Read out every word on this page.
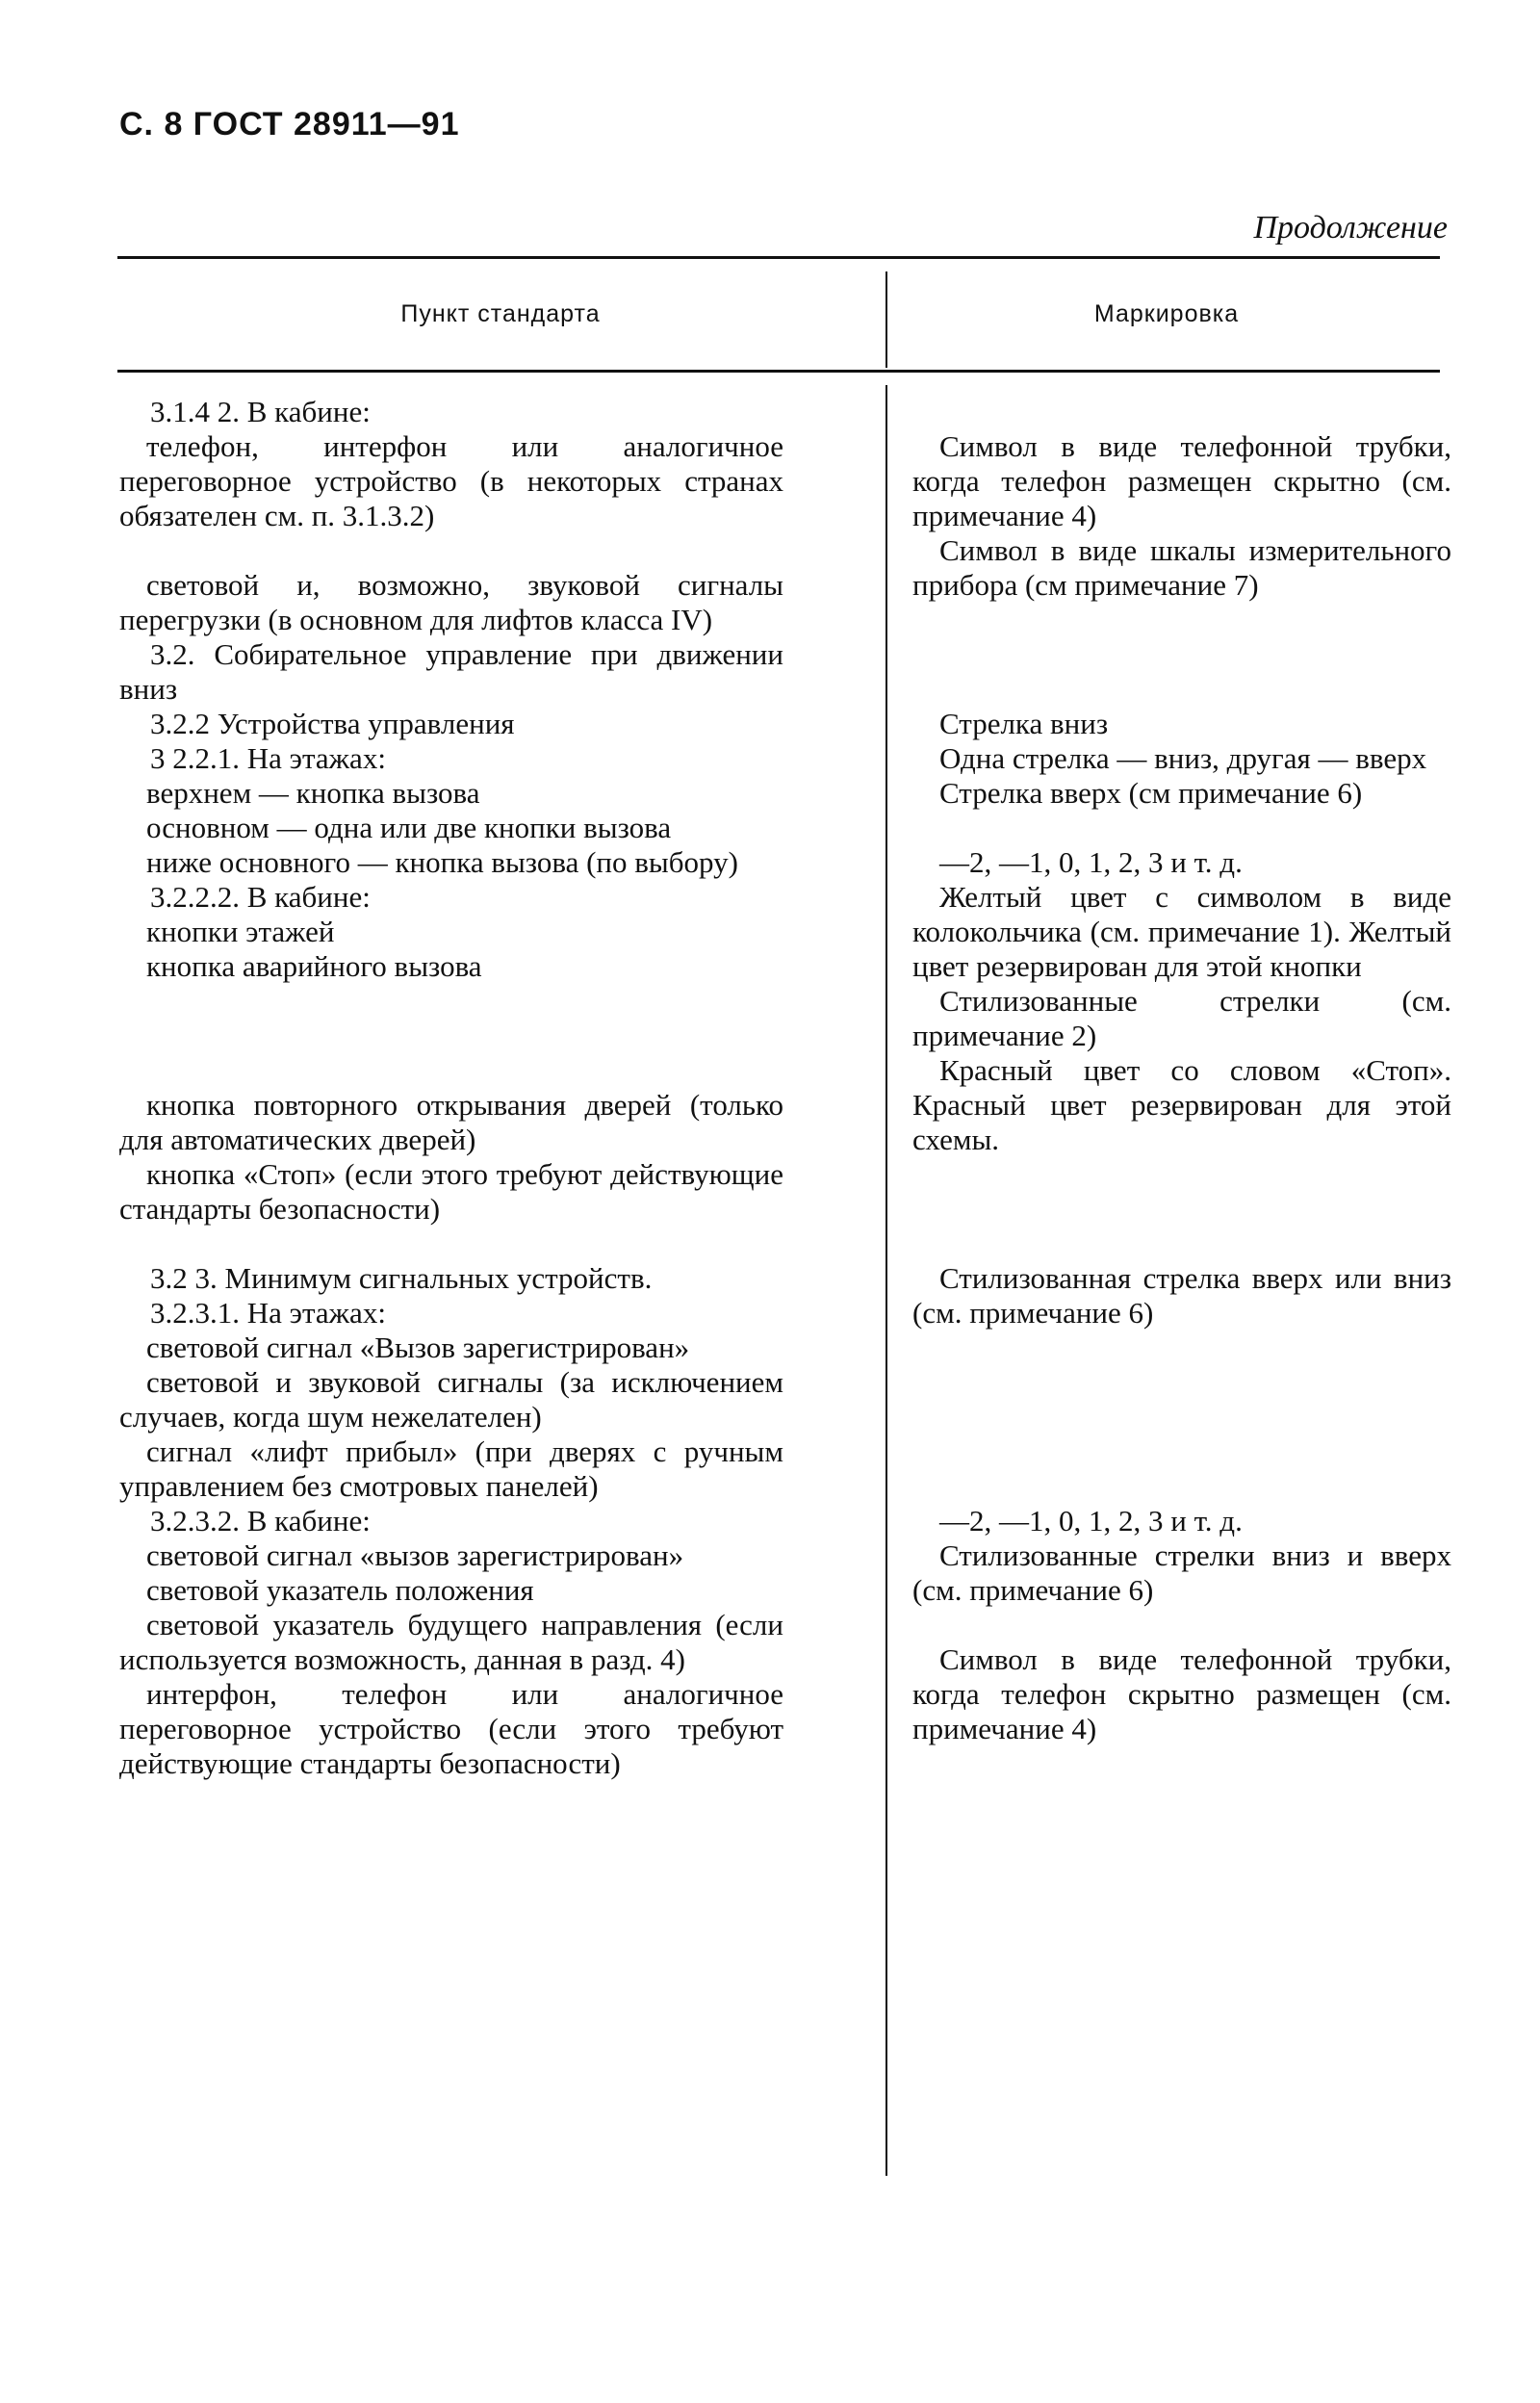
С. 8 ГОСТ 28911—91
Продолжение
Пункт стандарта	Маркировка

3.1.4 2. В кабине:

телефон, интерфон или аналогичное переговорное устройство (в некоторых странах обязателен см. п. 3.1.3.2)

световой и, возможно, звуковой сигналы перегрузки (в основном для лифтов класса IV)

3.2. Собирательное управление при движении вниз

3.2.2 Устройства управления

3 2.2.1. На этажах:

верхнем — кнопка вызова

основном — одна или две кнопки вызова

ниже основного — кнопка вызова (по выбору)

3.2.2.2. В кабине:

кнопки этажей

кнопка аварийного вызова

кнопка повторного открывания дверей (только для автоматических дверей)

кнопка «Стоп» (если этого требуют действующие стандарты безопасности)

3.2 3. Минимум сигнальных устройств.

3.2.3.1. На этажах:

световой сигнал «Вызов зарегистрирован»

световой и звуковой сигналы (за исключением случаев, когда шум нежелателен)

сигнал «лифт прибыл» (при дверях с ручным управлением без смотровых панелей)

3.2.3.2. В кабине:

световой сигнал «вызов зарегистрирован»

световой указатель положения

световой указатель будущего направления (если используется возможность, данная в разд. 4)

интерфон, телефон или аналогичное переговорное устройство (если этого требуют действующие стандарты безопасности)

Символ в виде телефонной трубки, когда телефон размещен скрытно (см. примечание 4)

Символ в виде шкалы измерительного прибора (см примечание 7)

Стрелка вниз

Одна стрелка — вниз, другая — вверх

Стрелка вверх (см примечание 6)

—2, —1, 0, 1, 2, 3 и т. д.

Желтый цвет с символом в виде колокольчика (см. примечание 1). Желтый цвет резервирован для этой кнопки

Стилизованные стрелки (см. примечание 2)

Красный цвет со словом «Стоп». Красный цвет резервирован для этой схемы.

Стилизованная стрелка вверх или вниз (см. примечание 6)

—2, —1, 0, 1, 2, 3 и т. д.

Стилизованные стрелки вниз и вверх (см. примечание 6)

Символ в виде телефонной трубки, когда телефон скрытно размещен (см. примечание 4)
